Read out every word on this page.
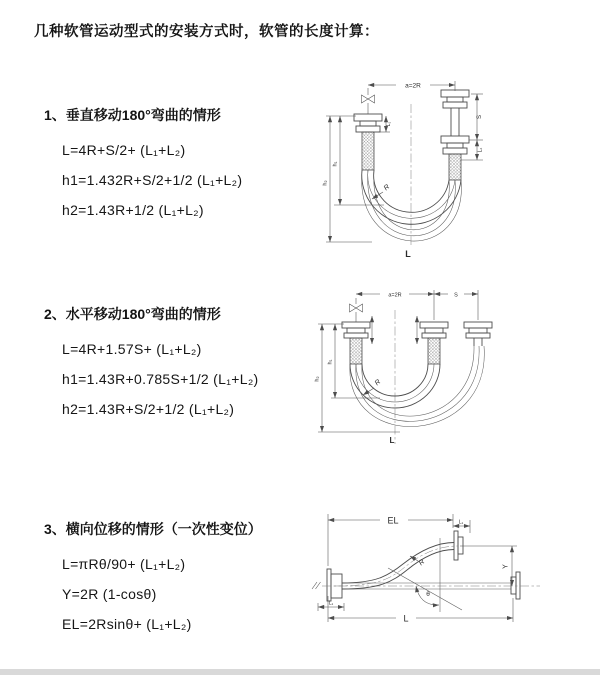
几种软管运动型式的安装方式时，软管的长度计算：
1、垂直移动180°弯曲的情形
L=4R+S/2+ (L₁+L₂)
h1=1.432R+S/2+1/2 (L₁+L₂)
h2=1.43R+1/2 (L₁+L₂)
2、水平移动180°弯曲的情形
L=4R+1.57S+ (L₁+L₂)
h1=1.43R+0.785S+1/2 (L₁+L₂)
h2=1.43R+S/2+1/2 (L₁+L₂)
3、横向位移的情形（一次性变位）
L=πRθ/90+ (L₁+L₂)
Y=2R (1-cosθ)
EL=2Rsinθ+ (L₁+L₂)
a=2R
h₁
h₂
S
L₂
L₁
R
L
a=2R	S
h₁
h₂	R
L
EL	L₁
R
θ
Y
L
L₁
